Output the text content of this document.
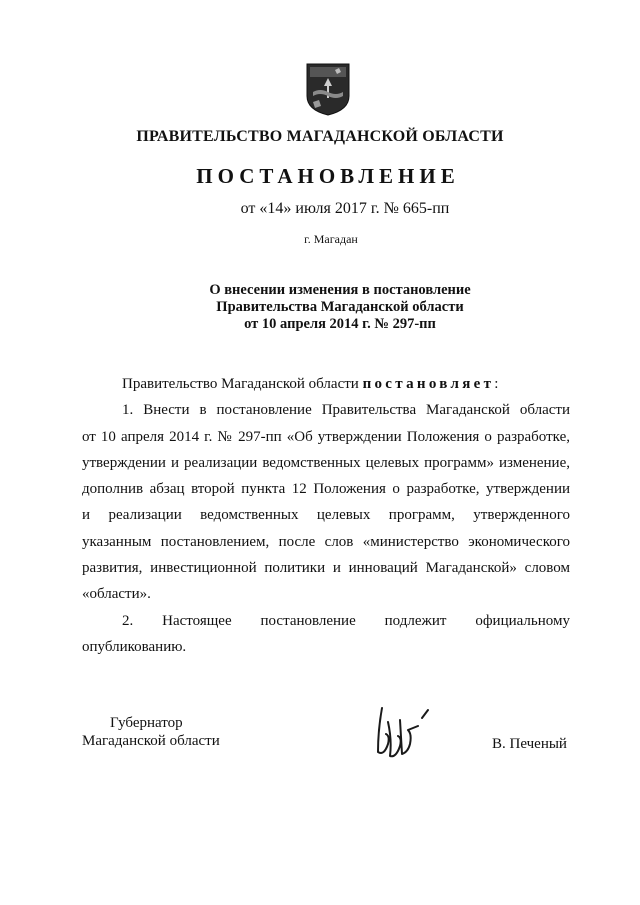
ПРАВИТЕЛЬСТВО МАГАДАНСКОЙ ОБЛАСТИ
ПОСТАНОВЛЕНИЕ
от «14» июля 2017 г. № 665-пп
г. Магадан
О внесении изменения в постановление
Правительства Магаданской области
от 10 апреля 2014 г. № 297-пп
Правительство Магаданской области постановляет:
1. Внести в постановление Правительства Магаданской области
от 10 апреля 2014 г. № 297-пп «Об утверждении Положения о разработке,
утверждении и реализации ведомственных целевых программ» изменение,
дополнив абзац второй пункта 12 Положения о разработке, утверждении
и реализации ведомственных целевых программ, утвержденного
указанным постановлением, после слов «министерство экономического
развития, инвестиционной политики и инноваций Магаданской» словом
«области».
2. Настоящее постановление подлежит официальному
опубликованию.
Губернатор
Магаданской области	В. Печеный
